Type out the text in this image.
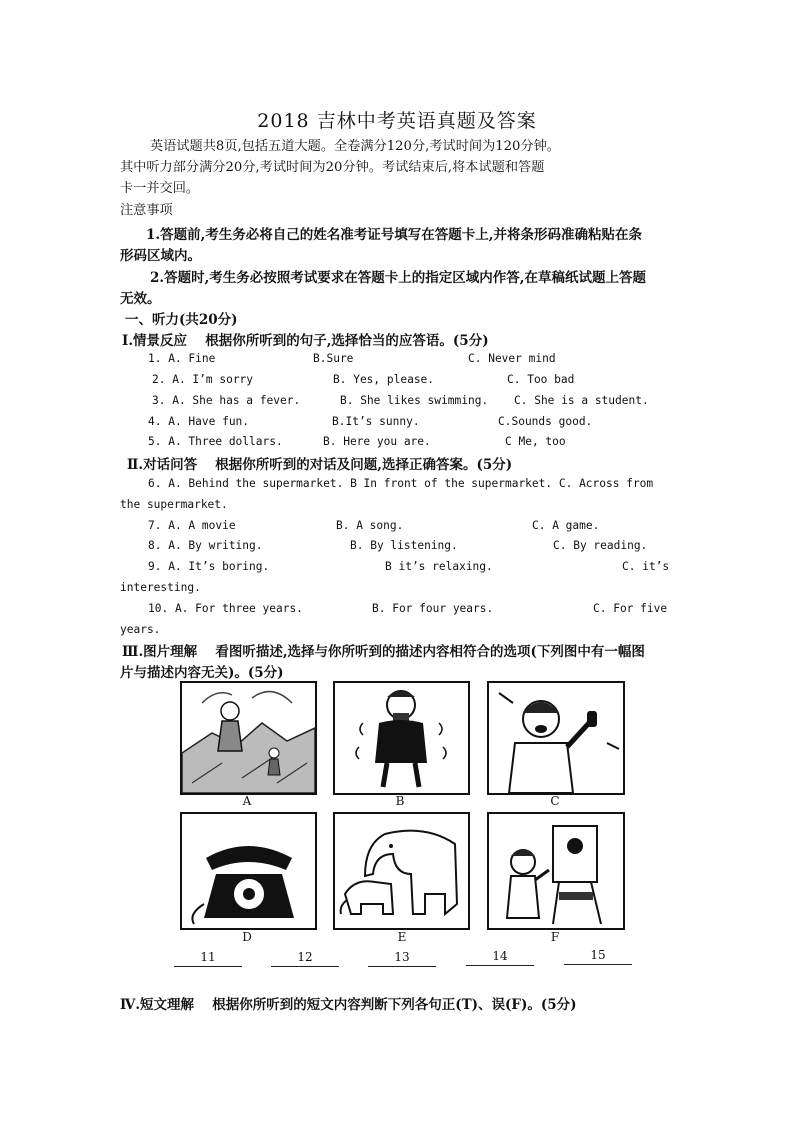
2018 吉林中考英语真题及答案
英语试题共8页,包括五道大题。全卷满分120分,考试时间为120分钟。
其中听力部分满分20分,考试时间为20分钟。考试结束后,将本试题和答题
卡一并交回。
注意事项
1.答题前,考生务必将自己的姓名准考证号填写在答题卡上,并将条形码准确粘贴在条
形码区域内。
2.答题时,考生务必按照考试要求在答题卡上的指定区域内作答,在草稿纸试题上答题
无效。
一、听力(共20分)
Ⅰ.情景反应　 根据你所听到的句子,选择恰当的应答语。(5分)
1. A. Fine	B.Sure	C. Never mind
2. A. I’m sorry	B. Yes, please.	C. Too bad
3. A. She has a fever.	B. She likes swimming. C. She is a student.
4. A. Have fun.	B.It’s sunny.	C.Sounds good.
5. A. Three dollars.	B. Here you are.	C Me, too
Ⅱ.对话问答　 根据你所听到的对话及问题,选择正确答案。(5分)
6. A. Behind the supermarket. B In front of the supermarket. C. Across from
the supermarket.
7. A. A movie	B. A song.	C. A game.
8. A. By writing.	B. By listening.	C. By reading.
9. A. It’s boring.	B it’s relaxing.	C. it’s
interesting.
10. A. For three years.	B. For four years.	C. For five
years.
Ⅲ.图片理解　 看图听描述,选择与你所听到的描述内容相符合的选项(下列图中有一幅图
片与描述内容无关)。(5分)
A	B	C
D	E	F
11	12	13	14	15
Ⅳ.短文理解　 根据你所听到的短文内容判断下列各句正(T)、误(F)。(5分)
